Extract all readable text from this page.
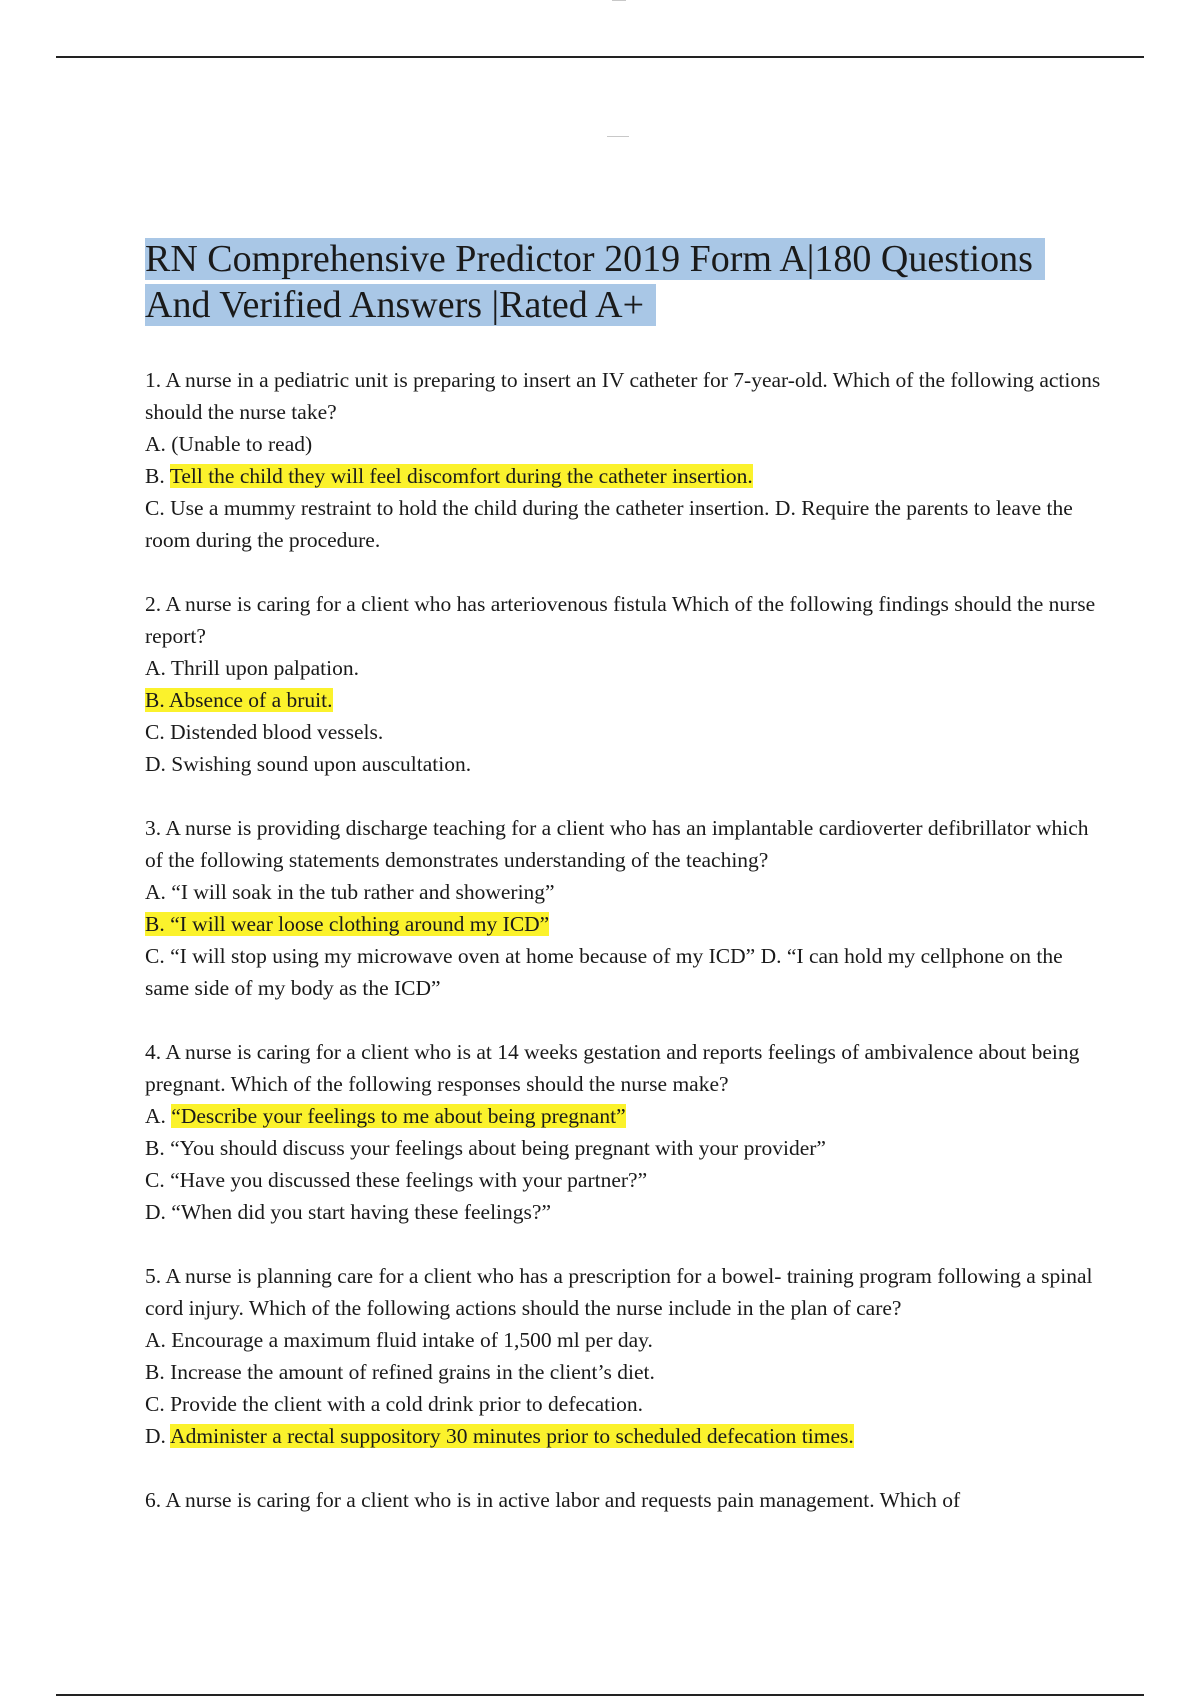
RN Comprehensive Predictor 2019 Form A|180 Questions
And Verified Answers |Rated A+

1. A nurse in a pediatric unit is preparing to insert an IV catheter for 7-year-old. Which of the following actions should the nurse take?

A. (Unable to read)

B. Tell the child they will feel discomfort during the catheter insertion.

C. Use a mummy restraint to hold the child during the catheter insertion. D. Require the parents to leave the room during the procedure.

2. A nurse is caring for a client who has arteriovenous fistula Which of the following findings should the nurse report?

A. Thrill upon palpation.

B. Absence of a bruit.

C. Distended blood vessels.

D. Swishing sound upon auscultation.

3. A nurse is providing discharge teaching for a client who has an implantable cardioverter defibrillator which of the following statements demonstrates understanding of the teaching?

A. “I will soak in the tub rather and showering”

B. “I will wear loose clothing around my ICD”

C. “I will stop using my microwave oven at home because of my ICD” D. “I can hold my cellphone on the same side of my body as the ICD”

4. A nurse is caring for a client who is at 14 weeks gestation and reports feelings of ambivalence about being pregnant. Which of the following responses should the nurse make?

A. “Describe your feelings to me about being pregnant”

B. “You should discuss your feelings about being pregnant with your provider”

C. “Have you discussed these feelings with your partner?”

D. “When did you start having these feelings?”

5. A nurse is planning care for a client who has a prescription for a bowel- training program following a spinal cord injury. Which of the following actions should the nurse include in the plan of care?

A. Encourage a maximum fluid intake of 1,500 ml per day.

B. Increase the amount of refined grains in the client’s diet.

C. Provide the client with a cold drink prior to defecation.

D. Administer a rectal suppository 30 minutes prior to scheduled defecation times.

6. A nurse is caring for a client who is in active labor and requests pain management. Which of
